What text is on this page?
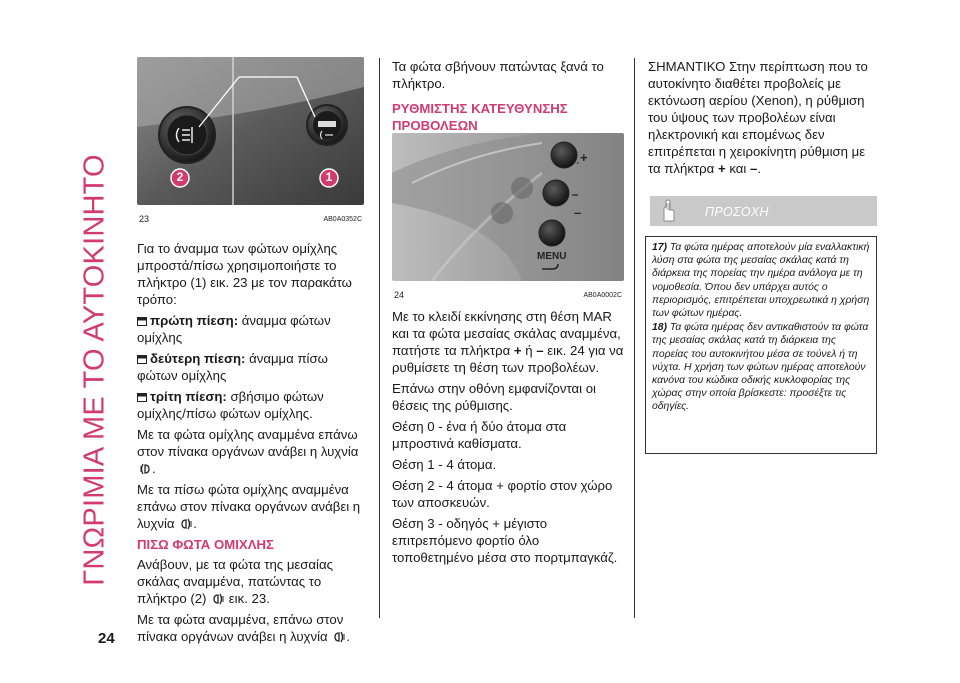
ΓΝΩΡΙΜΙΑ ΜΕ ΤΟ ΑΥΤΟΚΙΝΗΤΟ
24
2	1
23	AB0A0352C

Για το άναμμα των φώτων ομίχλης μπροστά/πίσω χρησιμοποιήστε το πλήκτρο (1) εικ. 23 με τον παρακάτω τρόπο:

πρώτη πίεση: άναμμα φώτων ομίχλης

δεύτερη πίεση: άναμμα πίσω φώτων ομίχλης

τρίτη πίεση: σβήσιμο φώτων ομίχλης/πίσω φώτων ομίχλης.

Με τα φώτα ομίχλης αναμμένα επάνω στον πίνακα οργάνων ανάβει η λυχνία .

Με τα πίσω φώτα ομίχλης αναμμένα επάνω στον πίνακα οργάνων ανάβει η λυχνία .

ΠΙΣΩ ΦΩΤΑ ΟΜΙΧΛΗΣ

Ανάβουν, με τα φώτα της μεσαίας σκάλας αναμμένα, πατώντας το πλήκτρο (2)  εικ. 23.

Με τα φώτα αναμμένα, επάνω στον πίνακα οργάνων ανάβει η λυχνία .

Τα φώτα σβήνουν πατώντας ξανά το πλήκτρο.

ΡΥΘΜΙΣΤΗΣ ΚΑΤΕΥΘΥΝΣΗΣ ΠΡΟΒΟΛΕΩΝ
+
–
MENU
24	AB0A0002C

Με το κλειδί εκκίνησης στη θέση MAR και τα φώτα μεσαίας σκάλας αναμμένα, πατήστε τα πλήκτρα + ή – εικ. 24 για να ρυθμίσετε τη θέση των προβολέων.

Επάνω στην οθόνη εμφανίζονται οι θέσεις της ρύθμισης.

Θέση 0 - ένα ή δύο άτομα στα μπροστινά καθίσματα.

Θέση 1 - 4 άτομα.

Θέση 2 - 4 άτομα + φορτίο στον χώρο των αποσκευών.

Θέση 3 - οδηγός + μέγιστο επιτρεπόμενο φορτίο όλο τοποθετημένο μέσα στο πορτμπαγκάζ.

ΣΗΜΑΝΤΙΚΟ Στην περίπτωση που το αυτοκίνητο διαθέτει προβολείς με εκτόνωση αερίου (Xenon), η ρύθμιση του ύψους των προβολέων είναι ηλεκτρονική και επομένως δεν επιτρέπεται η χειροκίνητη ρύθμιση με τα πλήκτρα + και –.

ΠΡΟΣΟΧΗ

17) Τα φώτα ημέρας αποτελούν μία εναλλακτική λύση στα φώτα της μεσαίας σκάλας κατά τη διάρκεια της πορείας την ημέρα ανάλογα με τη νομοθεσία. Όπου δεν υπάρχει αυτός ο περιορισμός, επιτρέπεται υποχρεωτικά η χρήση των φώτων ημέρας.

18) Τα φώτα ημέρας δεν αντικαθιστούν τα φώτα της μεσαίας σκάλας κατά τη διάρκεια της πορείας του αυτοκινήτου μέσα σε τούνελ ή τη νύχτα. Η χρήση των φώτων ημέρας αποτελούν κανόνα του κώδικα οδικής κυκλοφορίας της χώρας στην οποία βρίσκεστε: προσέξτε τις οδηγίες.
